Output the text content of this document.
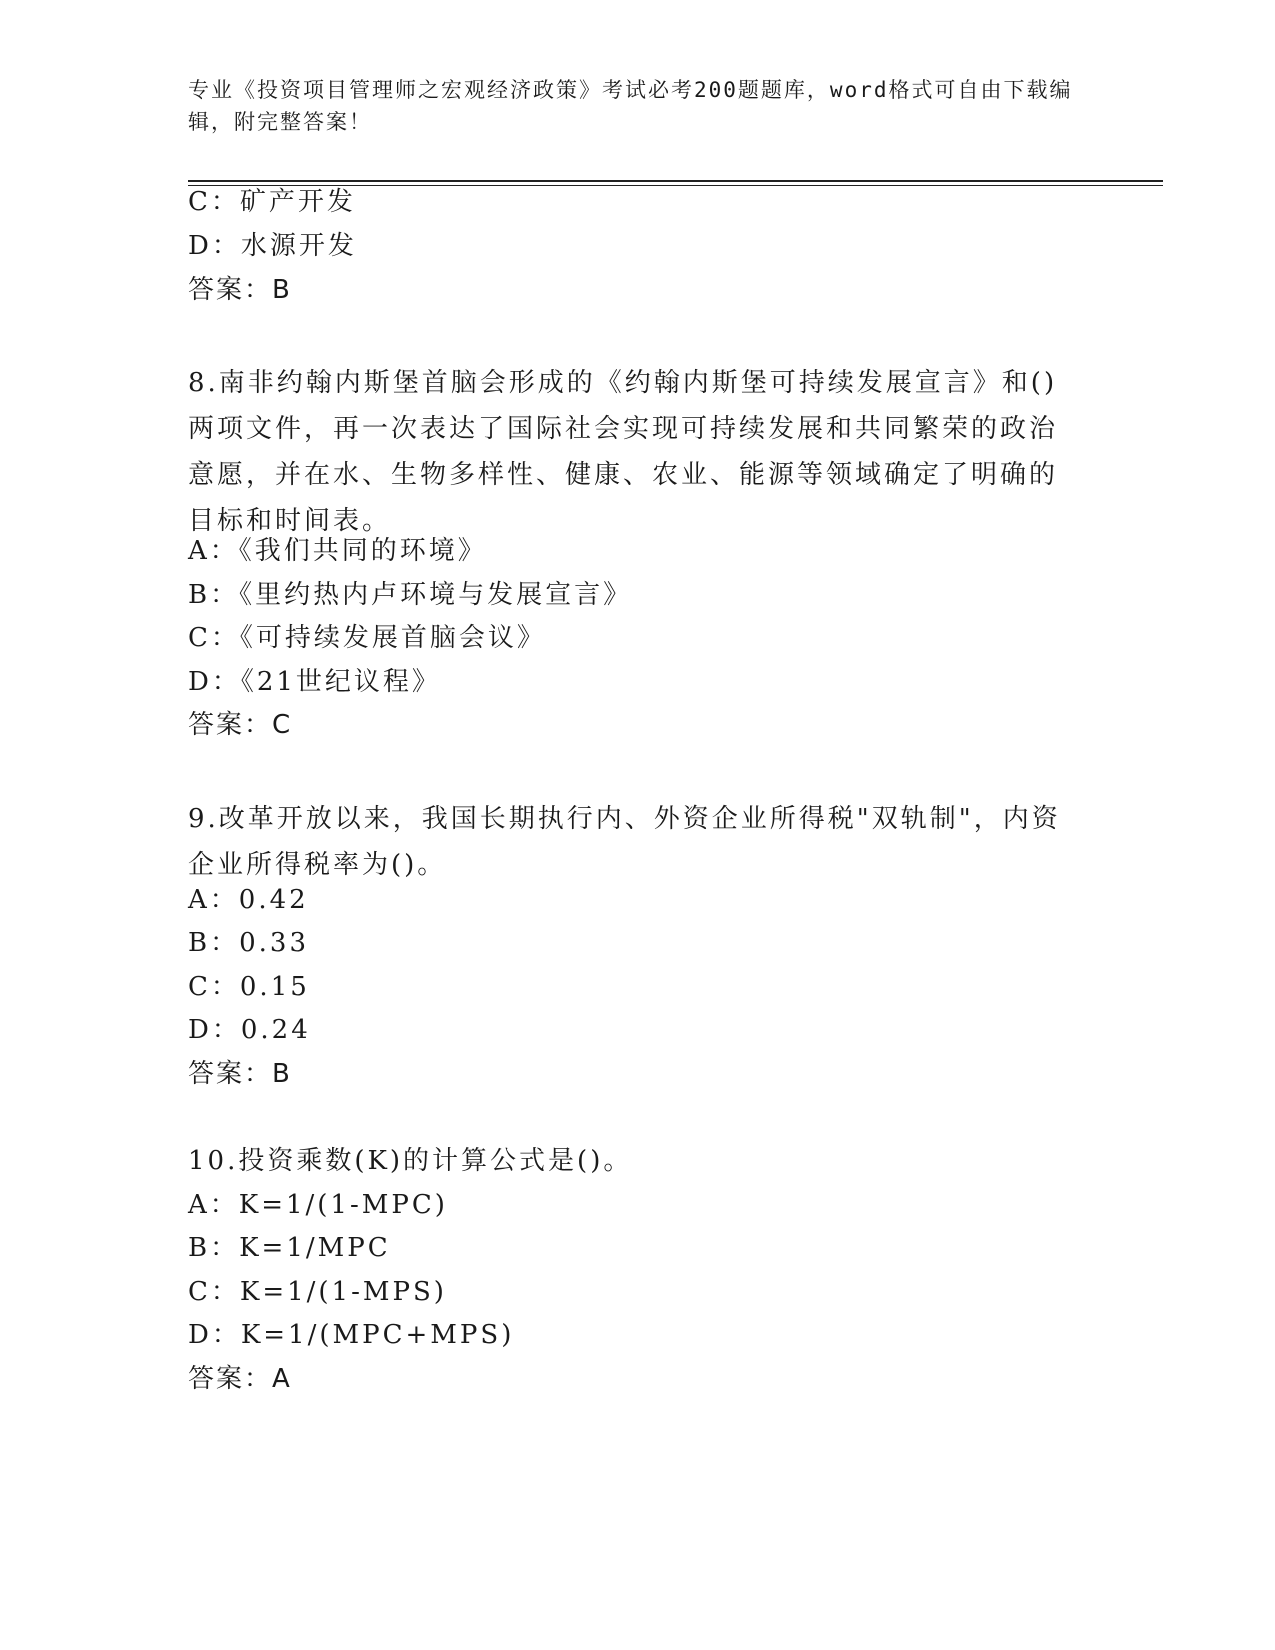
专业《投资项目管理师之宏观经济政策》考试必考200题题库，word格式可自由下载编辑，附完整答案！
C：矿产开发
D：水源开发
答案：B
8.南非约翰内斯堡首脑会形成的《约翰内斯堡可持续发展宣言》和()两项文件，再一次表达了国际社会实现可持续发展和共同繁荣的政治意愿，并在水、生物多样性、健康、农业、能源等领域确定了明确的目标和时间表。
A：《我们共同的环境》
B：《里约热内卢环境与发展宣言》
C：《可持续发展首脑会议》
D：《21世纪议程》
答案：C
9.改革开放以来，我国长期执行内、外资企业所得税"双轨制"，内资企业所得税率为()。
A：0.42
B：0.33
C：0.15
D：0.24
答案：B
10.投资乘数(K)的计算公式是()。
A：K=1/(1-MPC)
B：K=1/MPC
C：K=1/(1-MPS)
D：K=1/(MPC+MPS)
答案：A
